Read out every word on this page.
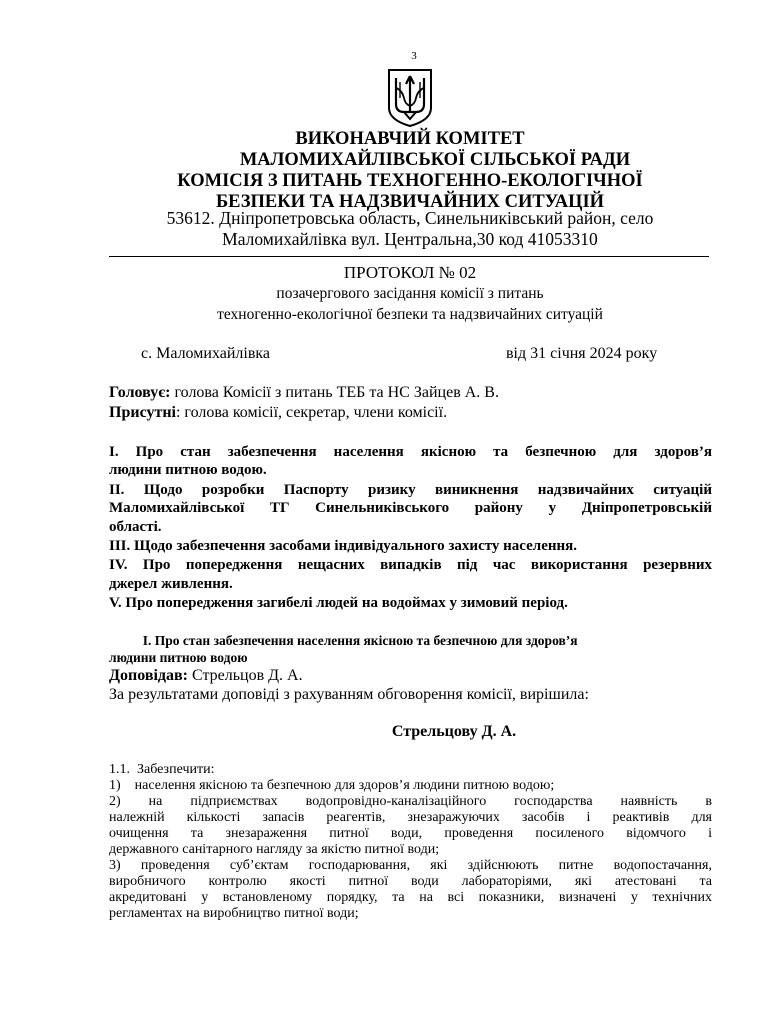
3
ВИКОНАВЧИЙ КОМІТЕТ
МАЛОМИХАЙЛІВСЬКОЇ СІЛЬСЬКОЇ РАДИ
КОМІСІЯ З ПИТАНЬ ТЕХНОГЕННО-ЕКОЛОГІЧНОЇ
БЕЗПЕКИ ТА НАДЗВИЧАЙНИХ СИТУАЦІЙ
53612. Дніпропетровська область, Синельниківський район, село
Маломихайлівка вул. Центральна,30 код 41053310
ПРОТОКОЛ № 02
позачергового засідання комісії з питань
техногенно-екологічної безпеки та надзвичайних ситуацій
с. Маломихайлівка	від 31 січня 2024 року
Головує: голова Комісії з питань ТЕБ та НС Зайцев А. В.
Присутні: голова комісії, секретар, члени комісії.
І. Про стан забезпечення населення якісною та безпечною для здоров’я
людини питною водою.
ІІ. Щодо розробки Паспорту ризику виникнення надзвичайних ситуацій
Маломихайлівської ТГ Синельниківського району у Дніпропетровській
області.
ІІІ. Щодо забезпечення засобами індивідуального захисту населення.
IV. Про попередження нещасних випадків під час використання резервних
джерел живлення.
V. Про попередження загибелі людей на водоймах у зимовий період.
І. Про стан забезпечення населення якісною та безпечною для здоров’я
людини питною водою
Доповідав: Стрельцов Д. А.
За результатами доповіді з рахуванням обговорення комісії, вирішила:
Стрельцову Д. А.
1.1.  Забезпечити:
1)    населення якісною та безпечною для здоров’я людини питною водою;
2) на підприємствах водопровідно-каналізаційного господарства наявність в
належній кількості запасів реагентів, знезаражуючих засобів і реактивів для
очищення та знезараження питної води, проведення посиленого відомчого і
державного санітарного нагляду за якістю питної води;
3) проведення суб’єктам господарювання, які здійснюють питне водопостачання,
виробничого контролю якості питної води лабораторіями, які атестовані та
акредитовані у встановленому порядку, та на всі показники, визначені у технічних
регламентах на виробництво питної води;
